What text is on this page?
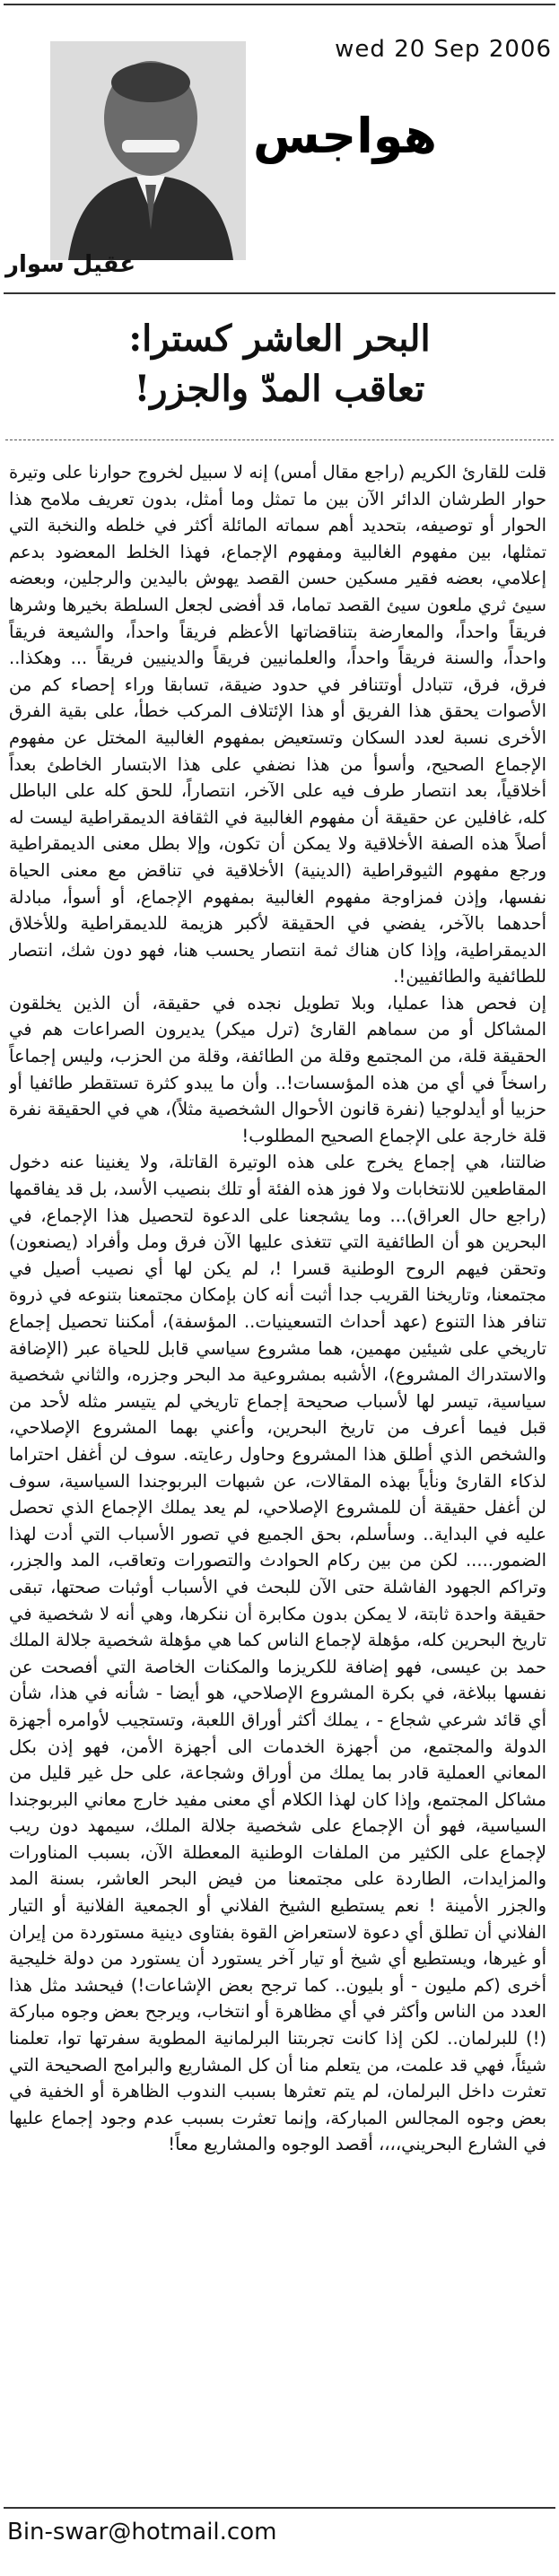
wed 20 Sep 2006
هواجس
عقيل سوار
البحر العاشر كسترا:
تعاقب المدّ والجزر!

قلت للقارئ الكريم (راجع مقال أمس) إنه لا سبيل لخروج حوارنا على وتيرة حوار الطرشان الدائر الآن بين ما تمثل وما أمثل، بدون تعريف ملامح هذا الحوار أو توصيفه، بتحديد أهم سماته المائلة أكثر في خلطه والنخبة التي تمثلها، بين مفهوم الغالبية ومفهوم الإجماع، فهذا الخلط المعضود بدعم إعلامي، بعضه فقير مسكين حسن القصد يهوش باليدين والرجلين، وبعضه سيئ ثري ملعون سيئ القصد تماما، قد أفضى لجعل السلطة بخيرها وشرها فريقاً واحداً، والمعارضة بتناقضاتها الأعظم فريقاً واحداً، والشيعة فريقاً واحداً، والسنة فريقاً واحداً، والعلمانيين فريقاً والدينيين فريقاً ... وهكذا.. فرق، فرق، تتبادل أوتتنافر في حدود ضيقة، تسابقا وراء إحصاء كم من الأصوات يحقق هذا الفريق أو هذا الإئتلاف المركب خطأ، على بقية الفرق الأخرى نسبة لعدد السكان وتستعيض بمفهوم الغالبية المختل عن مفهوم الإجماع الصحيح، وأسوأ من هذا نضفي على هذا الابتسار الخاطئ بعداً أخلاقياً، بعد انتصار طرف فيه على الآخر، انتصاراً، للحق كله على الباطل كله، غافلين عن حقيقة أن مفهوم الغالبية في الثقافة الديمقراطية ليست له أصلاً هذه الصفة الأخلاقية ولا يمكن أن تكون، وإلا بطل معنى الديمقراطية ورجع مفهوم الثيوقراطية (الدينية) الأخلاقية في تناقض مع معنى الحياة نفسها، وإذن فمزاوجة مفهوم الغالبية بمفهوم الإجماع، أو أسوأ، مبادلة أحدهما بالآخر، يفضي في الحقيقة لأكبر هزيمة للديمقراطية وللأخلاق الديمقراطية، وإذا كان هناك ثمة انتصار يحسب هنا، فهو دون شك، انتصار للطائفية والطائفيين!.

إن فحص هذا عمليا، وبلا تطويل نجده في حقيقة، أن الذين يخلقون المشاكل أو من سماهم القارئ (ترل ميكر) يديرون الصراعات هم في الحقيقة قلة، من المجتمع وقلة من الطائفة، وقلة من الحزب، وليس إجماعاً راسخاً في أي من هذه المؤسسات!.. وأن ما يبدو كثرة تستقطر طائفيا أو حزبيا أو أيدلوجيا (نفرة قانون الأحوال الشخصية مثلاً)، هي في الحقيقة نفرة قلة خارجة على الإجماع الصحيح المطلوب!

ضالتنا، هي إجماع يخرج على هذه الوتيرة القاتلة، ولا يغنينا عنه دخول المقاطعين للانتخابات ولا فوز هذه الفئة أو تلك بنصيب الأسد، بل قد يفاقمها (راجع حال العراق)... وما يشجعنا على الدعوة لتحصيل هذا الإجماع، في البحرين هو أن الطائفية التي تتغذى عليها الآن فرق ومل وأفراد (يصنعون) وتحقن فيهم الروح الوطنية قسرا !، لم يكن لها أي نصيب أصيل في مجتمعنا، وتاريخنا القريب جدا أثبت أنه كان بإمكان مجتمعنا بتنوعه في ذروة تنافر هذا التنوع (عهد أحداث التسعينيات.. المؤسفة)، أمكننا تحصيل إجماع تاريخي على شيئين مهمين، هما مشروع سياسي قابل للحياة عبر (الإضافة والاستدراك المشروع)، الأشبه بمشروعية مد البحر وجزره، والثاني شخصية سياسية، تيسر لها لأسباب صحيحة إجماع تاريخي لم يتيسر مثله لأحد من قبل فيما أعرف من تاريخ البحرين، وأعني بهما المشروع الإصلاحي، والشخص الذي أطلق هذا المشروع وحاول رعايته. سوف لن أغفل احتراما لذكاء القارئ ونأياً بهذه المقالات، عن شبهات البربوجندا السياسية، سوف لن أغفل حقيقة أن للمشروع الإصلاحي، لم يعد يملك الإجماع الذي تحصل عليه في البداية.. وسأسلم، بحق الجميع في تصور الأسباب التي أدت لهذا الضمور..... لكن من بين ركام الحوادث والتصورات وتعاقب، المد والجزر، وتراكم الجهود الفاشلة حتى الآن للبحث في الأسباب أوثبات صحتها، تبقى حقيقة واحدة ثابتة، لا يمكن بدون مكابرة أن ننكرها، وهي أنه لا شخصية في تاريخ البحرين كله، مؤهلة لإجماع الناس كما هي مؤهلة شخصية جلالة الملك حمد بن عيسى، فهو إضافة للكريزما والمكنات الخاصة التي أفصحت عن نفسها ببلاغة، في بكرة المشروع الإصلاحي، هو أيضا - شأنه في هذا، شأن أي قائد شرعي شجاع - ، يملك أكثر أوراق اللعبة، وتستجيب لأوامره أجهزة الدولة والمجتمع، من أجهزة الخدمات الى أجهزة الأمن، فهو إذن بكل المعاني العملية قادر بما يملك من أوراق وشجاعة، على حل غير قليل من مشاكل المجتمع، وإذا كان لهذا الكلام أي معنى مفيد خارج معاني البربوجندا السياسية، فهو أن الإجماع على شخصية جلالة الملك، سيمهد دون ريب لإجماع على الكثير من الملفات الوطنية المعطلة الآن، بسبب المناورات والمزايدات، الطاردة على مجتمعنا من فيض البحر العاشر، بسنة المد والجزر الأمينة ! نعم يستطيع الشيخ الفلاني أو الجمعية الفلانية أو التيار الفلاني أن تطلق أي دعوة لاستعراض القوة بفتاوى دينية مستوردة من إيران أو غيرها، ويستطيع أي شيخ أو تيار آخر يستورد أن يستورد من دولة خليجية أخرى (كم مليون - أو بليون.. كما ترجح بعض الإشاعات!) فيحشد مثل هذا العدد من الناس وأكثر في أي مظاهرة أو انتخاب، ويرجح بعض وجوه مباركة (!) للبرلمان.. لكن إذا كانت تجربتنا البرلمانية المطوية سفرتها توا، تعلمنا شيئاً، فهي قد علمت، من يتعلم منا أن كل المشاريع والبرامج الصحيحة التي تعثرت داخل البرلمان، لم يتم تعثرها بسبب الندوب الظاهرة أو الخفية في بعض وجوه المجالس المباركة، وإنما تعثرت بسبب عدم وجود إجماع عليها في الشارع البحريني،،،، أقصد الوجوه والمشاريع معاً!

Bin-swar@hotmail.com
